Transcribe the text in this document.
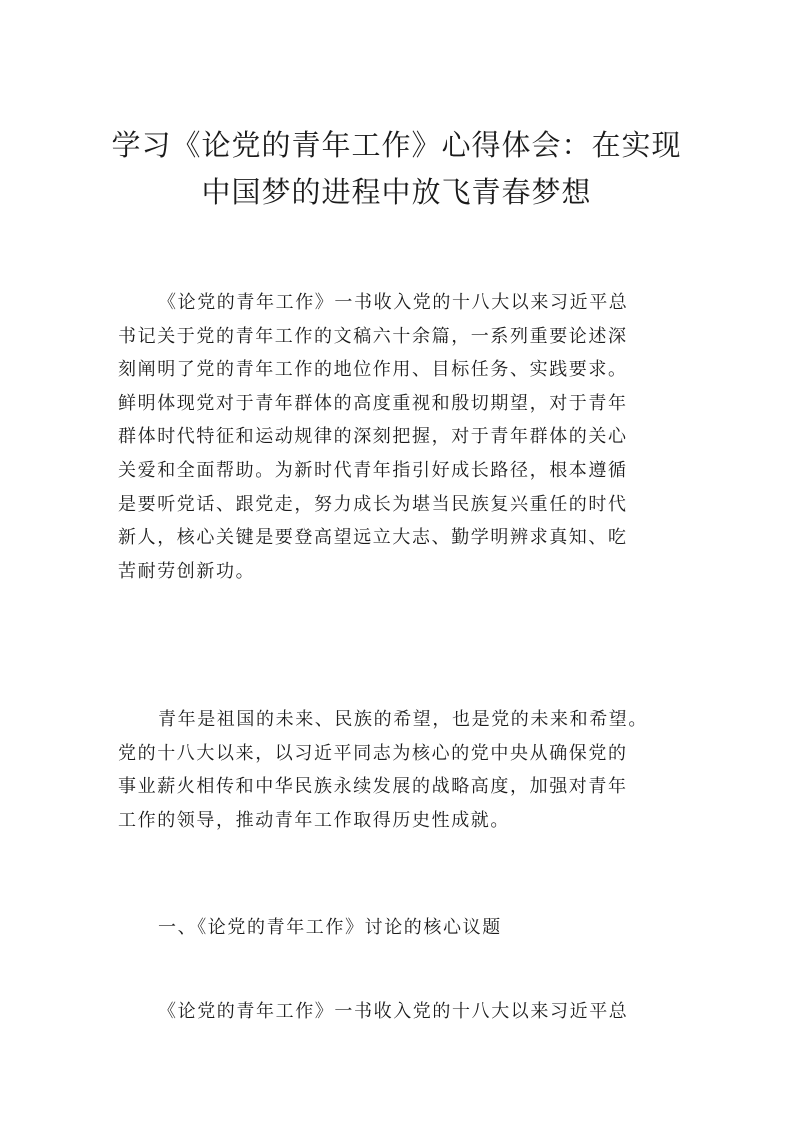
学习《论党的青年工作》心得体会：在实现
中国梦的进程中放飞青春梦想
《论党的青年工作》一书收入党的十八大以来习近平总
书记关于党的青年工作的文稿六十余篇，一系列重要论述深
刻阐明了党的青年工作的地位作用、目标任务、实践要求。
鲜明体现党对于青年群体的高度重视和殷切期望，对于青年
群体时代特征和运动规律的深刻把握，对于青年群体的关心
关爱和全面帮助。为新时代青年指引好成长路径，根本遵循
是要听党话、跟党走，努力成长为堪当民族复兴重任的时代
新人，核心关键是要登高望远立大志、勤学明辨求真知、吃
苦耐劳创新功。
青年是祖国的未来、民族的希望，也是党的未来和希望。
党的十八大以来，以习近平同志为核心的党中央从确保党的
事业薪火相传和中华民族永续发展的战略高度，加强对青年
工作的领导，推动青年工作取得历史性成就。
一、《论党的青年工作》讨论的核心议题
《论党的青年工作》一书收入党的十八大以来习近平总
